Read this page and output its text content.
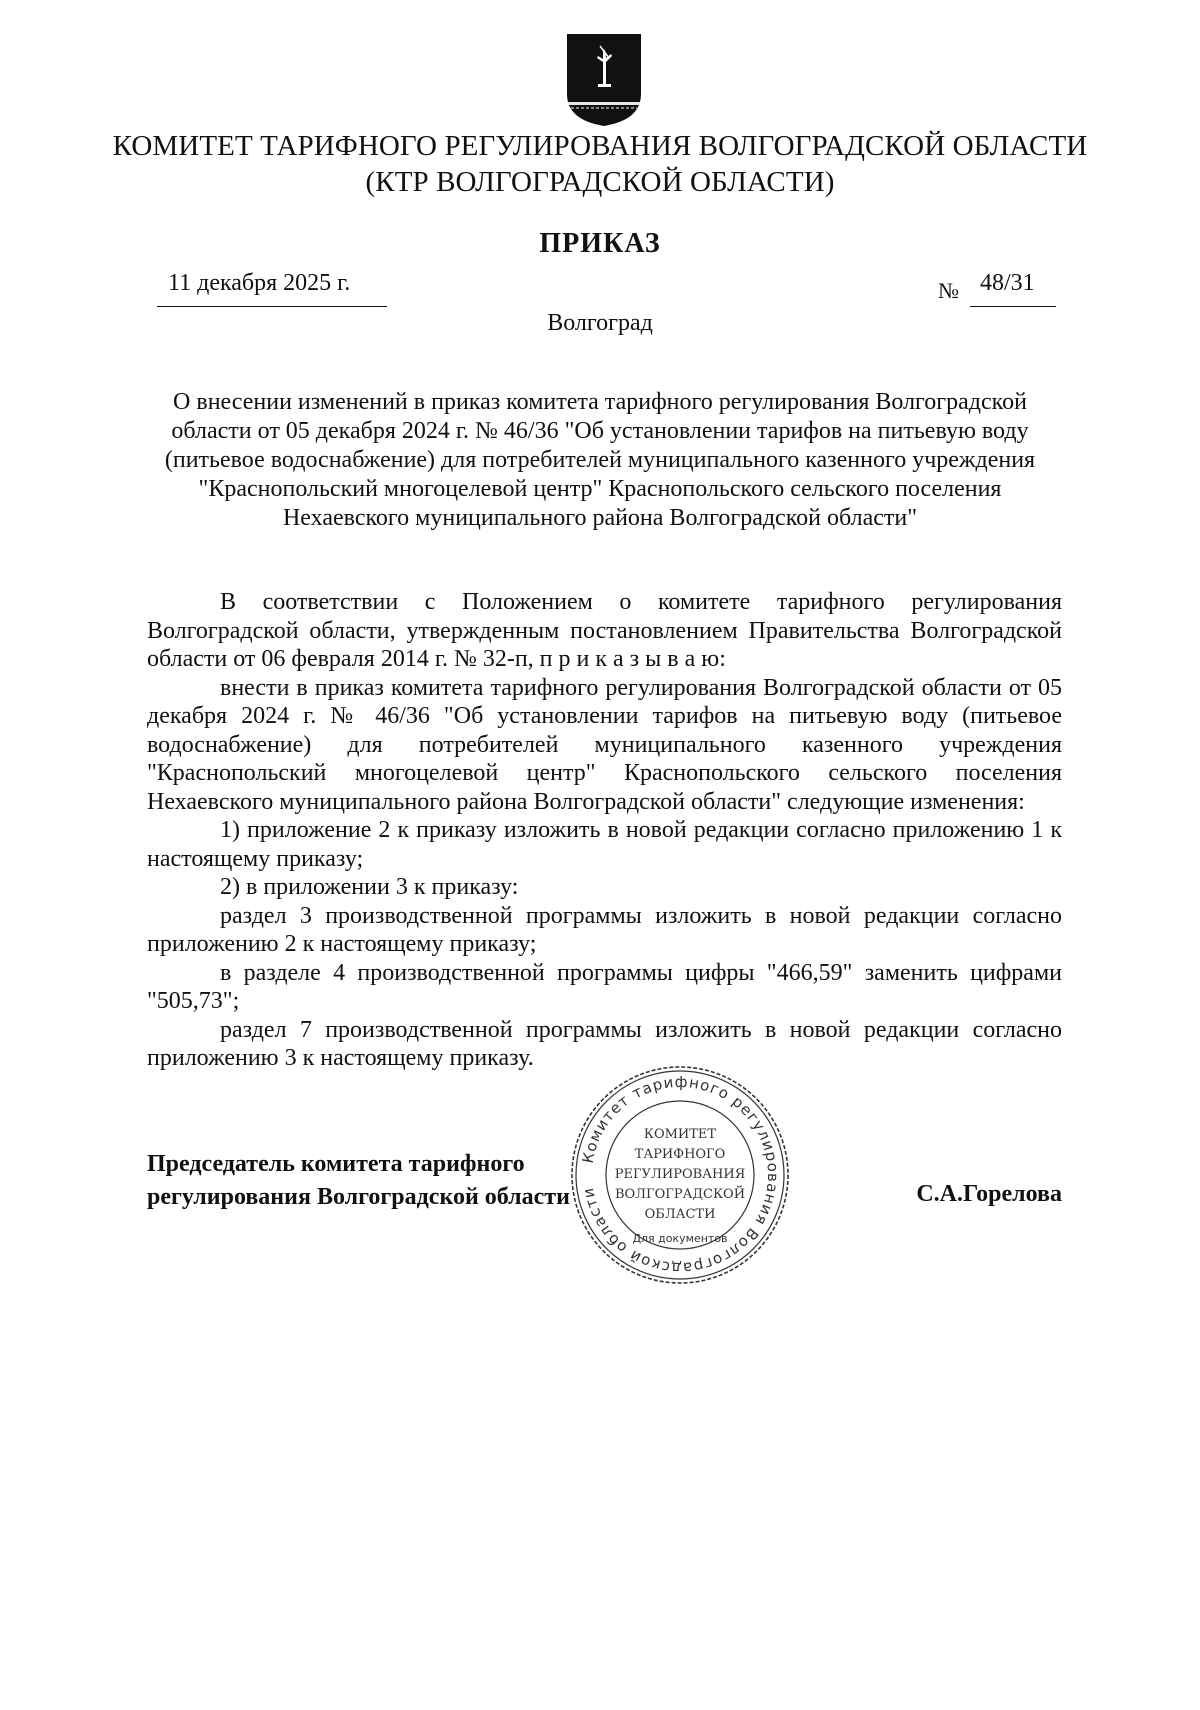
КОМИТЕТ ТАРИФНОГО РЕГУЛИРОВАНИЯ ВОЛГОГРАДСКОЙ ОБЛАСТИ
(КТР ВОЛГОГРАДСКОЙ ОБЛАСТИ)
ПРИКАЗ
11 декабря 2025 г.	№ 48/31
Волгоград
О внесении изменений в приказ комитета тарифного регулирования Волгоградской
области от 05 декабря 2024 г. № 46/36 "Об установлении тарифов на питьевую воду
(питьевое водоснабжение) для потребителей муниципального казенного учреждения
"Краснопольский многоцелевой центр" Краснопольского сельского поселения
Нехаевского муниципального района Волгоградской области"

В соответствии с Положением о комитете тарифного регулирования Волгоградской области, утвержденным постановлением Правительства Волгоградской области от 06 февраля 2014 г. № 32-п, п р и к а з ы в а ю:

внести в приказ комитета тарифного регулирования Волгоградской области от 05 декабря 2024 г. № 46/36 "Об установлении тарифов на питьевую воду (питьевое водоснабжение) для потребителей муниципального казенного учреждения "Краснопольский многоцелевой центр" Краснопольского сельского поселения Нехаевского муниципального района Волгоградской области" следующие изменения:

1) приложение 2 к приказу изложить в новой редакции согласно приложению 1 к настоящему приказу;

2) в приложении 3 к приказу:

раздел 3 производственной программы изложить в новой редакции согласно приложению 2 к настоящему приказу;

в разделе 4 производственной программы цифры "466,59" заменить цифрами "505,73";

раздел 7 производственной программы изложить в новой редакции согласно приложению 3 к настоящему приказу.

Председатель комитета тарифного
регулирования Волгоградской области	С.А.Горелова
Комитет тарифного регулирования Волгоградской области
КОМИТЕТ
ТАРИФНОГО
РЕГУЛИРОВАНИЯ
ВОЛГОГРАДСКОЙ
ОБЛАСТИ
Для документов
